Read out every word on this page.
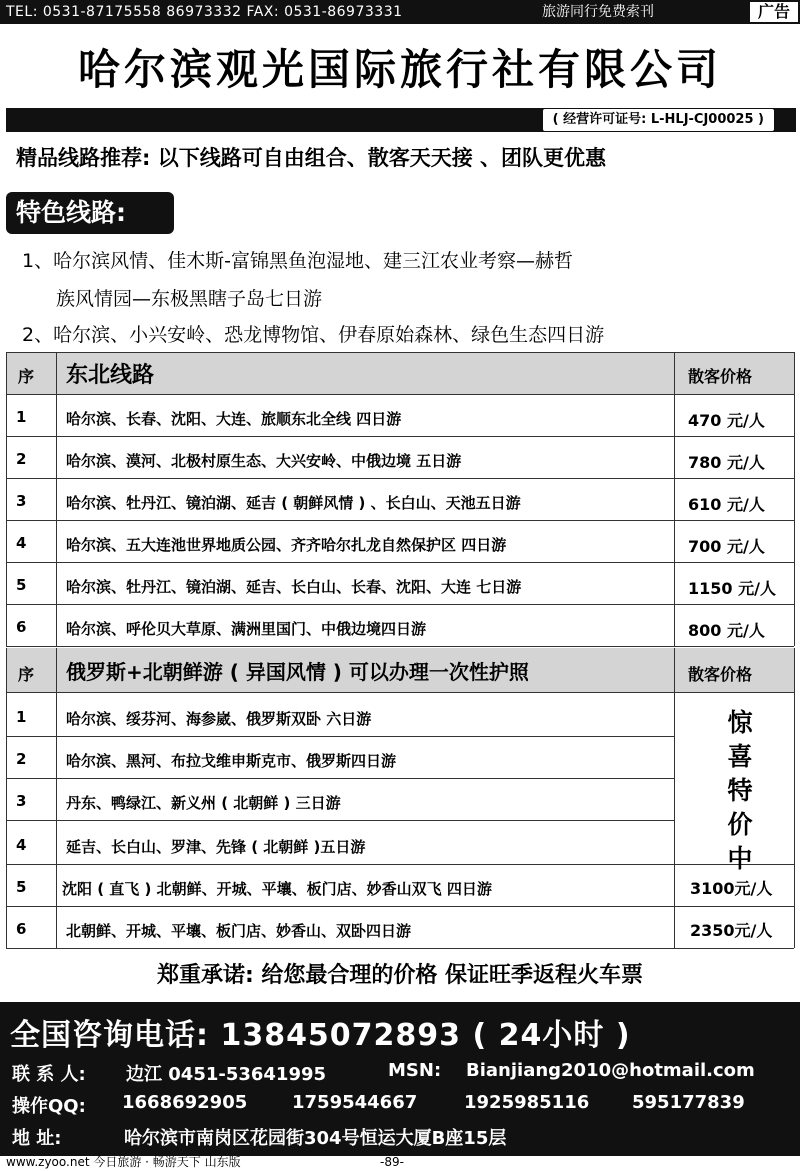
TEL: 0531-87175558 86973332 FAX: 0531-86973331	旅游同行免费索刊	广告
哈尔滨观光国际旅行社有限公司
( 经营许可证号: L-HLJ-CJ00025 )
精品线路推荐: 以下线路可自由组合、散客天天接 、团队更优惠
特色线路:
1、哈尔滨风情、佳木斯-富锦黑鱼泡湿地、建三江农业考察—赫哲
族风情园—东极黑瞎子岛七日游
2、哈尔滨、小兴安岭、恐龙博物馆、伊春原始森林、绿色生态四日游
序 东北线路	散客价格
1	哈尔滨、长春、沈阳、大连、旅顺东北全线 四日游	470 元/人
2	哈尔滨、漠河、北极村原生态、大兴安岭、中俄边境 五日游	780 元/人
3	哈尔滨、牡丹江、镜泊湖、延吉 ( 朝鲜风情 ) 、长白山、天池五日游	610 元/人
4	哈尔滨、五大连池世界地质公园、齐齐哈尔扎龙自然保护区 四日游	700 元/人
5	哈尔滨、牡丹江、镜泊湖、延吉、长白山、长春、沈阳、大连 七日游	1150 元/人
6	哈尔滨、呼伦贝大草原、满洲里国门、中俄边境四日游	800 元/人
序 俄罗斯+北朝鲜游 ( 异国风情 ) 可以办理一次性护照	散客价格
惊
喜
特
价
中
1	哈尔滨、绥芬河、海参崴、俄罗斯双卧 六日游
2	哈尔滨、黑河、布拉戈维申斯克市、俄罗斯四日游
3	丹东、鸭绿江、新义州 ( 北朝鲜 ) 三日游
4	延吉、长白山、罗津、先锋 ( 北朝鲜 )五日游
5 沈阳 ( 直飞 ) 北朝鲜、开城、平壤、板门店、妙香山双飞 四日游	3100元/人
6	北朝鲜、开城、平壤、板门店、妙香山、双卧四日游	2350元/人
郑重承诺: 给您最合理的价格 保证旺季返程火车票
全国咨询电话: 13845072893 ( 24小时 )
联 系 人: 边江 0451-53641995	MSN: Bianjiang2010@hotmail.com
操作QQ: 1668692905 1759544667	1925985116 595177839
地 址:	哈尔滨市南岗区花园街304号恒运大厦B座15层
www.zyoo.net 今日旅游 · 畅游天下 山东版	-89-
